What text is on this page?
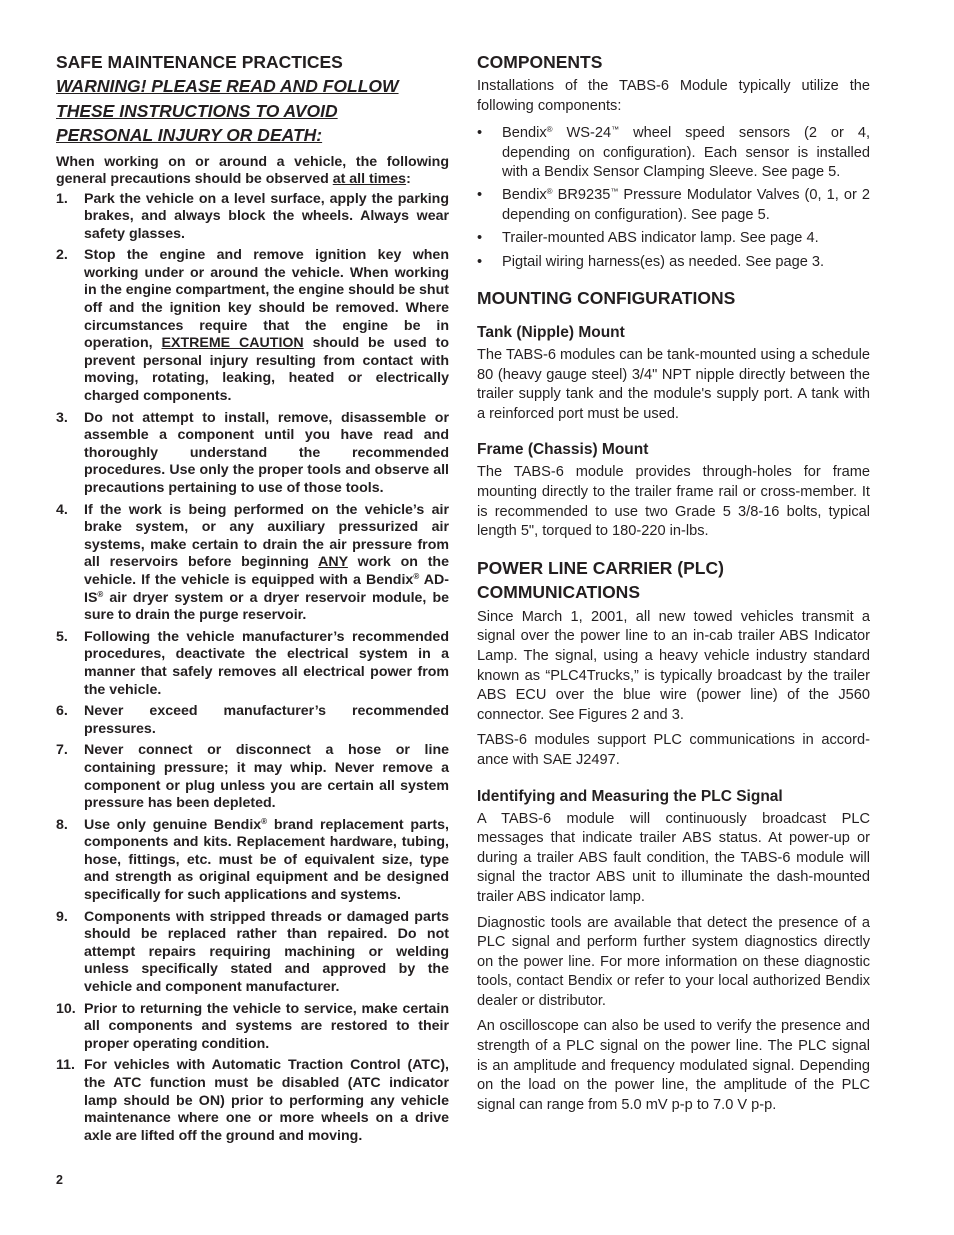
SAFE MAINTENANCE PRACTICES

WARNING! PLEASE READ AND FOLLOW

THESE INSTRUCTIONS TO AVOID

PERSONAL INJURY OR DEATH:

When working on or around a vehicle, the following general precautions should be observed at all times:

1. Park the vehicle on a level surface, apply the parking brakes, and always block the wheels. Always wear safety glasses.
2. Stop the engine and remove ignition key when working under or around the vehicle. When working in the engine compartment, the engine should be shut off and the ignition key should be removed. Where circumstances require that the engine be in operation, EXTREME CAUTION should be used to prevent personal injury resulting from contact with moving, rotating, leaking, heated or electrically charged components.
3. Do not attempt to install, remove, disassemble or assemble a component until you have read and thoroughly understand the recommended procedures. Use only the proper tools and observe all precautions pertaining to use of those tools.
4. If the work is being performed on the vehicle’s air brake system, or any auxiliary pressurized air systems, make certain to drain the air pressure from all reservoirs before beginning ANY work on the vehicle. If the vehicle is equipped with a Bendix® AD-IS® air dryer system or a dryer reservoir module, be sure to drain the purge reservoir.
5. Following the vehicle manufacturer’s recommended procedures, deactivate the electrical system in a manner that safely removes all electrical power from the vehicle.
6. Never exceed manufacturer’s recommended pressures.
7. Never connect or disconnect a hose or line containing pressure; it may whip. Never remove a component or plug unless you are certain all system pressure has been depleted.
8. Use only genuine Bendix® brand replacement parts, components and kits. Replacement hardware, tubing, hose, fittings, etc. must be of equivalent size, type and strength as original equipment and be designed specifically for such applications and systems.
9. Components with stripped threads or damaged parts should be replaced rather than repaired. Do not attempt repairs requiring machining or welding unless specifically stated and approved by the vehicle and component manufacturer.
10. Prior to returning the vehicle to service, make certain all components and systems are restored to their proper operating condition.
11. For vehicles with Automatic Traction Control (ATC), the ATC function must be disabled (ATC indicator lamp should be ON) prior to performing any vehicle maintenance where one or more wheels on a drive axle are lifted off the ground and moving.
COMPONENTS

Installations of the TABS-6 Module typically utilize the following components:

• Bendix® WS-24™ wheel speed sensors (2 or 4, depending on configuration). Each sensor is installed with a Bendix Sensor Clamping Sleeve. See page 5.
• Bendix® BR9235™ Pressure Modulator Valves (0, 1, or 2 depending on configuration). See page 5.
• Trailer-mounted ABS indicator lamp. See page 4.
• Pigtail wiring harness(es) as needed. See page 3.
MOUNTING CONFIGURATIONS
Tank (Nipple) Mount

The TABS-6 modules can be tank-mounted using a schedule 80 (heavy gauge steel) 3/4" NPT nipple directly between the trailer supply tank and the module's supply port. A tank with a reinforced port must be used.

Frame (Chassis) Mount

The TABS-6 module provides through-holes for frame mounting directly to the trailer frame rail or cross-member. It is recommended to use two Grade 5 3/8-16 bolts, typical length 5", torqued to 180-220 in-lbs.

POWER LINE CARRIER (PLC)
COMMUNICATIONS

Since March 1, 2001, all new towed vehicles transmit a signal over the power line to an in-cab trailer ABS Indicator Lamp. The signal, using a heavy vehicle industry standard known as “PLC4Trucks,” is typically broadcast by the trailer ABS ECU over the blue wire (power line) of the J560 connector. See Figures 2 and 3.

TABS-6 modules support PLC communications in accord-ance with SAE J2497.

Identifying and Measuring the PLC Signal

A TABS-6 module will continuously broadcast PLC messages that indicate trailer ABS status. At power-up or during a trailer ABS fault condition, the TABS-6 module will signal the tractor ABS unit to illuminate the dash-mounted trailer ABS indicator lamp.

Diagnostic tools are available that detect the presence of a PLC signal and perform further system diagnostics directly on the power line. For more information on these diagnostic tools, contact Bendix or refer to your local authorized Bendix dealer or distributor.

An oscilloscope can also be used to verify the presence and strength of a PLC signal on the power line. The PLC signal is an amplitude and frequency modulated signal. Depending on the load on the power line, the amplitude of the PLC signal can range from 5.0 mV p-p to 7.0 V p-p.

2
